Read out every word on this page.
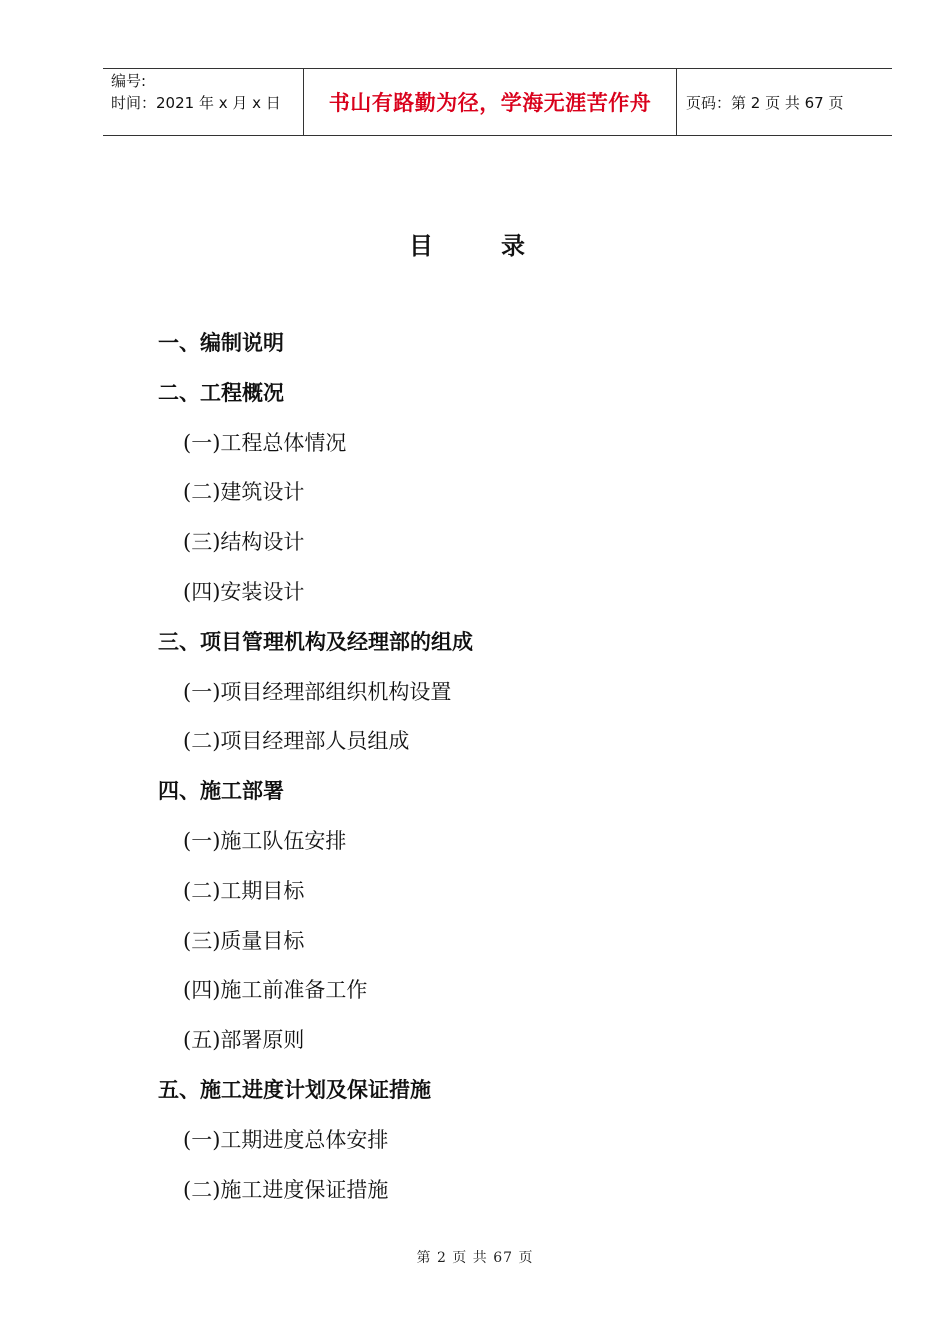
编号:
时间：2021 年 x 月 x 日	书山有路勤为径，学海无涯苦作舟	页码：第 2 页 共 67 页
目录
一、编制说明
二、工程概况
(一)工程总体情况
(二)建筑设计
(三)结构设计
(四)安装设计
三、项目管理机构及经理部的组成
(一)项目经理部组织机构设置
(二)项目经理部人员组成
四、施工部署
(一)施工队伍安排
(二)工期目标
(三)质量目标
(四)施工前准备工作
(五)部署原则
五、施工进度计划及保证措施
(一)工期进度总体安排
(二)施工进度保证措施
第 2 页 共 67 页
